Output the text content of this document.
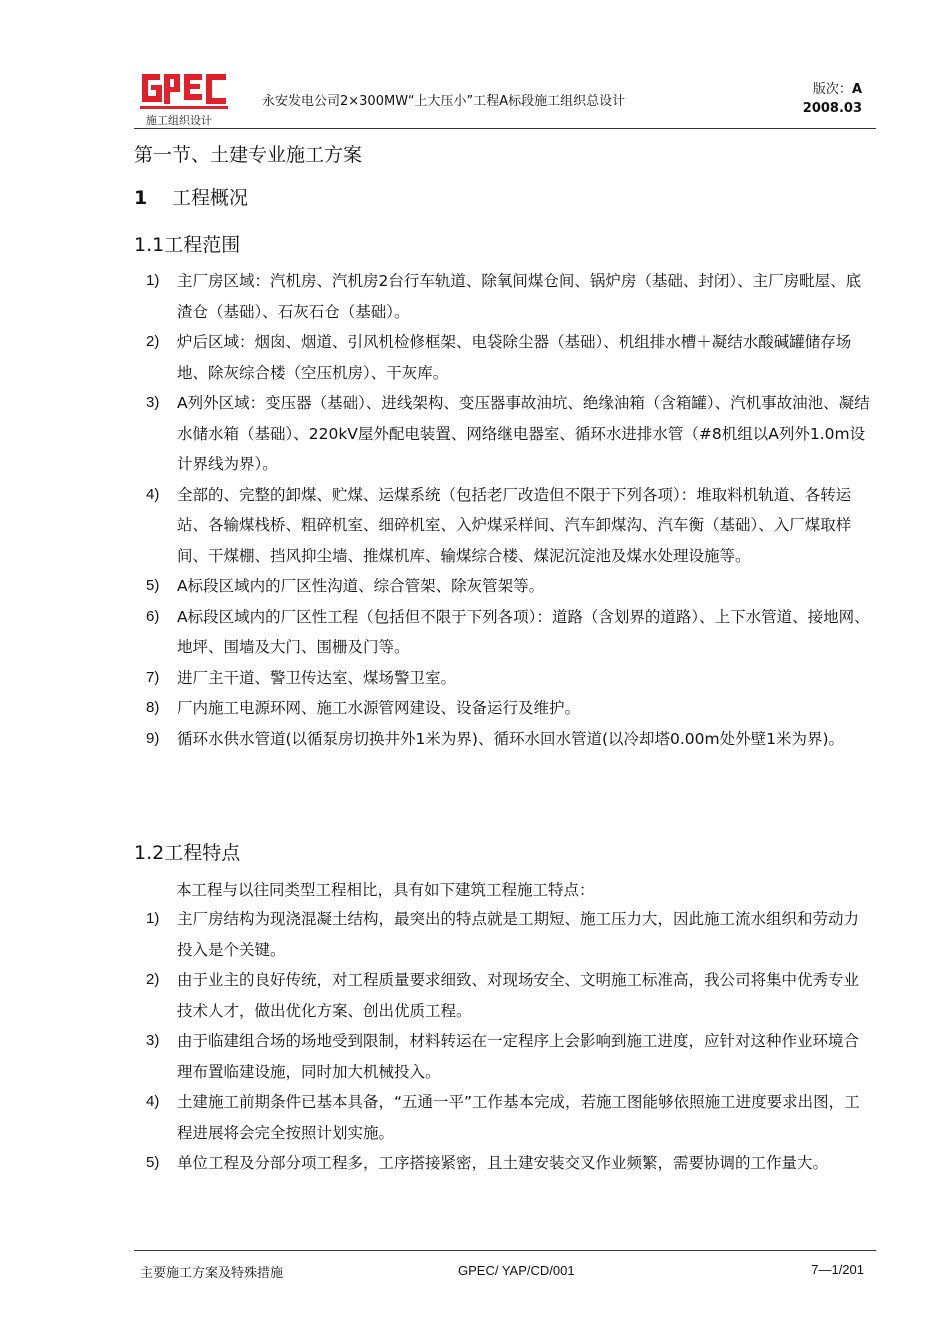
施工组织设计
永安发电公司2×300MW“上大压小”工程A标段施工组织总设计
版次：A
2008.03
第一节、土建专业施工方案
1 工程概况
1.1工程范围
1) 主厂房区域：汽机房、汽机房2台行车轨道、除氧间煤仓间、锅炉房（基础、封闭）、主厂房毗屋、底渣仓（基础）、石灰石仓（基础）。
2) 炉后区域：烟囱、烟道、引风机检修框架、电袋除尘器（基础）、机组排水槽＋凝结水酸碱罐储存场地、除灰综合楼（空压机房）、干灰库。
3) A列外区域：变压器（基础）、进线架构、变压器事故油坑、绝缘油箱（含箱罐）、汽机事故油池、凝结水储水箱（基础）、220kV屋外配电装置、网络继电器室、循环水进排水管（#8机组以A列外1.0m设计界线为界）。
4) 全部的、完整的卸煤、贮煤、运煤系统（包括老厂改造但不限于下列各项）：堆取料机轨道、各转运站、各输煤栈桥、粗碎机室、细碎机室、入炉煤采样间、汽车卸煤沟、汽车衡（基础）、入厂煤取样间、干煤棚、挡风抑尘墙、推煤机库、输煤综合楼、煤泥沉淀池及煤水处理设施等。
5) A标段区域内的厂区性沟道、综合管架、除灰管架等。
6) A标段区域内的厂区性工程（包括但不限于下列各项）：道路（含划界的道路）、上下水管道、接地网、地坪、围墙及大门、围栅及门等。
7) 进厂主干道、警卫传达室、煤场警卫室。
8) 厂内施工电源环网、施工水源管网建设、设备运行及维护。
9) 循环水供水管道(以循泵房切换井外1米为界)、循环水回水管道(以冷却塔0.00m处外壁1米为界)。
1.2工程特点
本工程与以往同类型工程相比，具有如下建筑工程施工特点：
1) 主厂房结构为现浇混凝土结构，最突出的特点就是工期短、施工压力大，因此施工流水组织和劳动力投入是个关键。
2) 由于业主的良好传统，对工程质量要求细致、对现场安全、文明施工标准高，我公司将集中优秀专业技术人才，做出优化方案、创出优质工程。
3) 由于临建组合场的场地受到限制，材料转运在一定程序上会影响到施工进度，应针对这种作业环境合理布置临建设施，同时加大机械投入。
4) 土建施工前期条件已基本具备，“五通一平”工作基本完成，若施工图能够依照施工进度要求出图，工程进展将会完全按照计划实施。
5) 单位工程及分部分项工程多，工序搭接紧密，且土建安装交叉作业频繁，需要协调的工作量大。
主要施工方案及特殊措施	GPEC/ YAP/CD/001	7—1/201
